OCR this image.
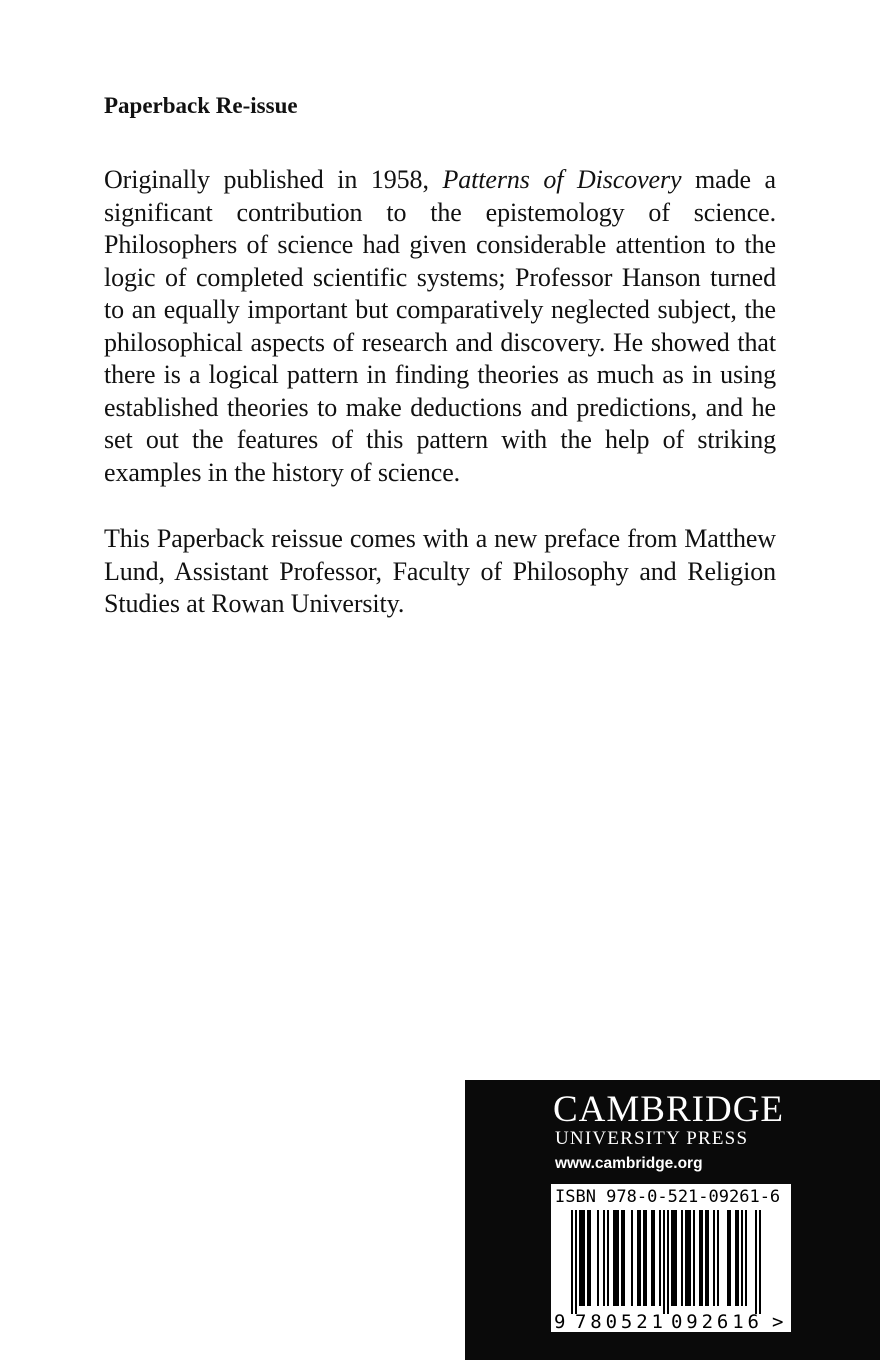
Paperback Re-issue

Originally published in 1958, Patterns of Discovery made a significant contribution to the epistemology of science. Philosophers of science had given considerable attention to the logic of completed scientific systems; Professor Hanson turned to an equally important but comparatively neglected subject, the philosophical aspects of research and discovery. He showed that there is a logical pattern in finding theories as much as in using established theories to make deductions and predictions, and he set out the features of this pattern with the help of striking examples in the history of science.

This Paperback reissue comes with a new preface from Matthew Lund, Assistant Professor, Faculty of Philosophy and Religion Studies at Rowan University.

CAMBRIDGE
UNIVERSITY PRESS
www.cambridge.org
ISBN 978-0-521-09261-6
9 780521 092616 >
